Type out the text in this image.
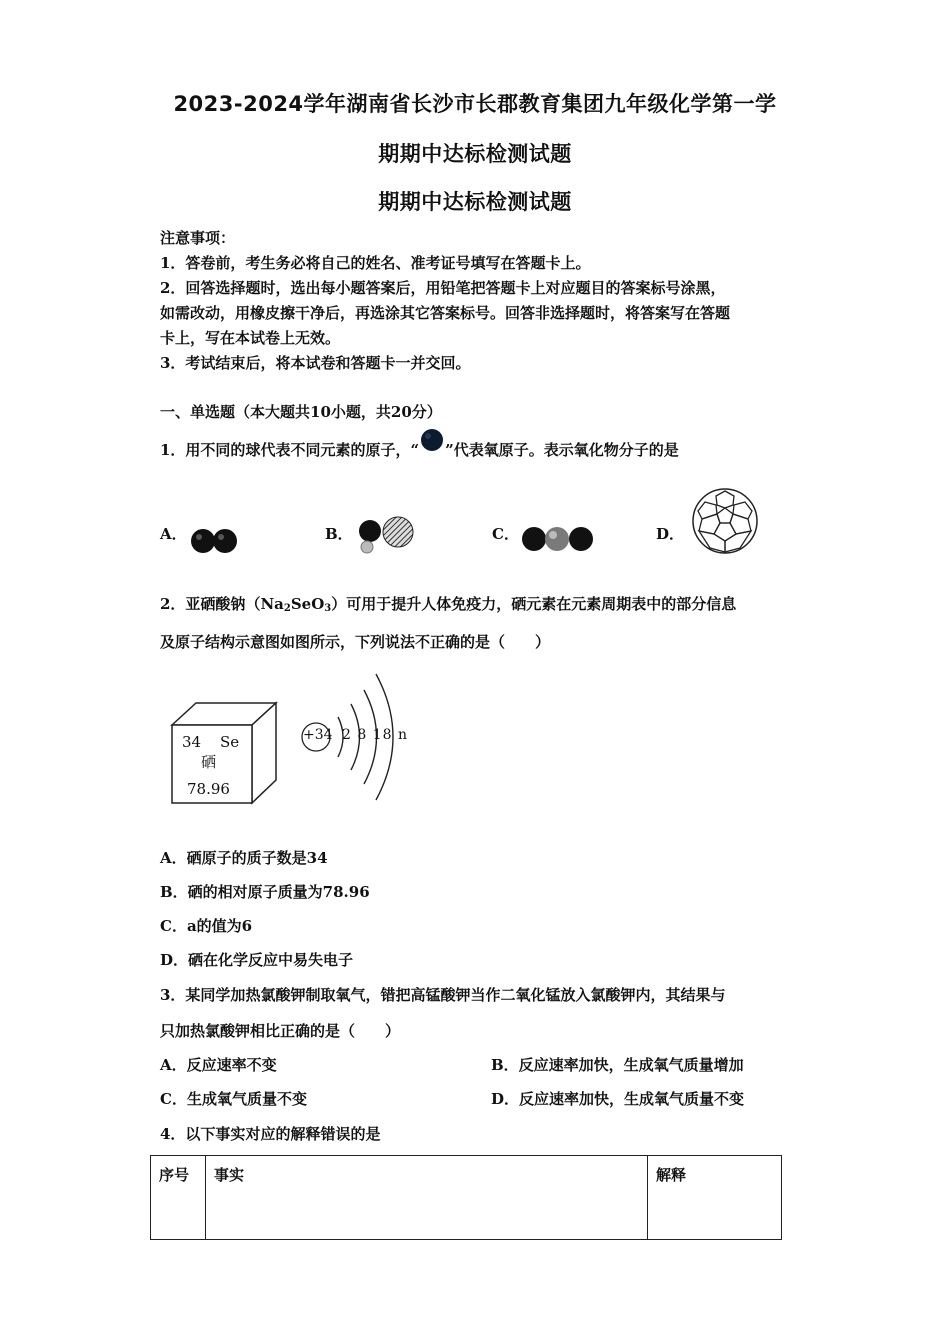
2023-2024学年湖南省长沙市长郡教育集团九年级化学第一学
期期中达标检测试题
期期中达标检测试题
注意事项：
1．答卷前，考生务必将自己的姓名、准考证号填写在答题卡上。
2．回答选择题时，选出每小题答案后，用铅笔把答题卡上对应题目的答案标号涂黑，
如需改动，用橡皮擦干净后，再选涂其它答案标号。回答非选择题时，将答案写在答题
卡上，写在本试卷上无效。
3．考试结束后，将本试卷和答题卡一并交回。
一、单选题（本大题共10小题，共20分）
1．用不同的球代表不同元素的原子，“ ”代表氧原子。表示氧化物分子的是
A．	B．	C．	D．
2．亚硒酸钠$(Na_2SeO_3)$可用于提升人体免疫力，硒元素在元素周期表中的部分信息
及原子结构示意图如图所示，下列说法不正确的是（　　）
34 Se
硒
78.96
+34 2 8 18 n
A．硒原子的质子数是34
B．硒的相对原子质量为78.96
C．a的值为6
D．硒在化学反应中易失电子
3．某同学加热氯酸钾制取氧气，错把高锰酸钾当作二氧化锰放入氯酸钾内，其结果与
只加热氯酸钾相比正确的是（　　）
A．反应速率不变	B．反应速率加快，生成氧气质量增加
C．生成氧气质量不变	D．反应速率加快，生成氧气质量不变
4．以下事实对应的解释错误的是
序号	事实	解释
